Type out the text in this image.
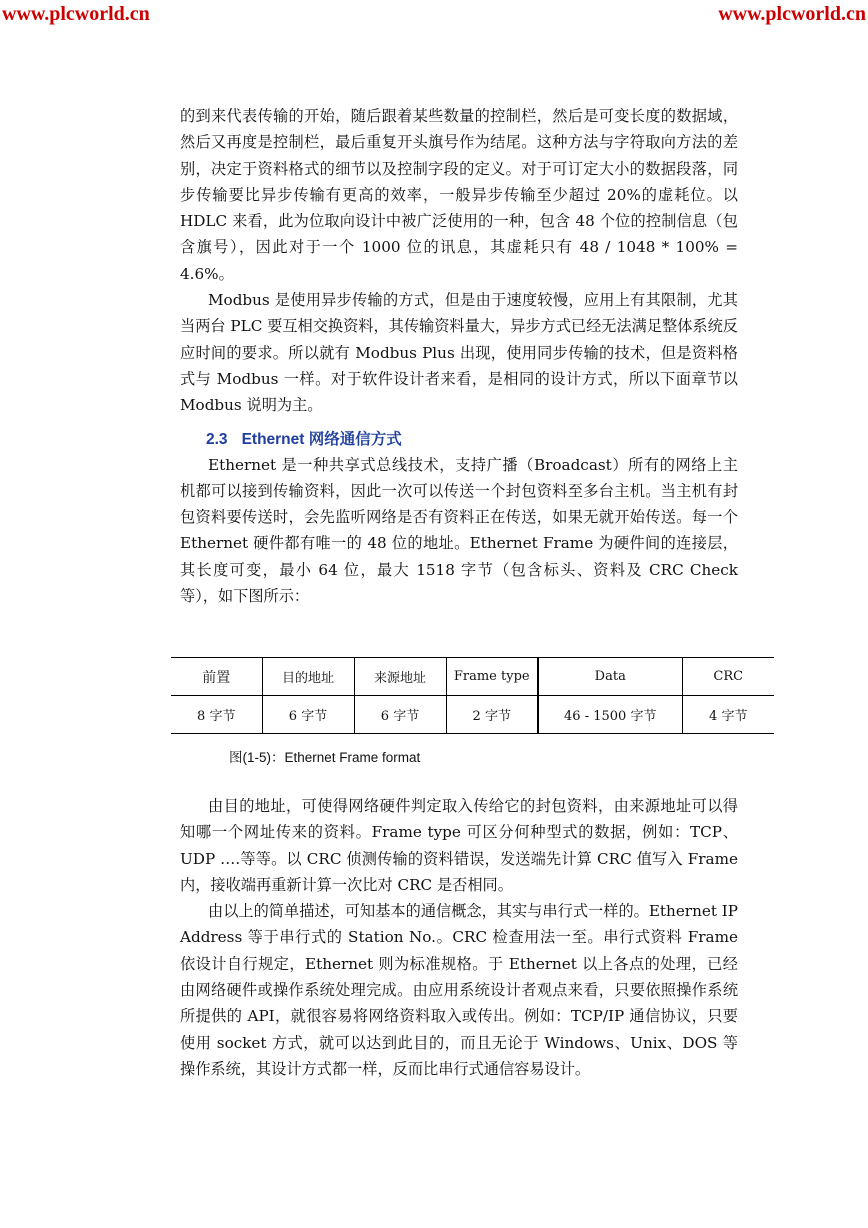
www.plcworld.cn	www.plcworld.cn

的到来代表传输的开始，随后跟着某些数量的控制栏，然后是可变长度的数据域，然后又再度是控制栏，最后重复开头旗号作为结尾。这种方法与字符取向方法的差别，决定于资料格式的细节以及控制字段的定义。对于可订定大小的数据段落，同步传输要比异步传输有更高的效率，一般异步传输至少超过 20%的虚耗位。以 HDLC 来看，此为位取向设计中被广泛使用的一种，包含 48 个位的控制信息（包含旗号），因此对于一个 1000 位的讯息，其虚耗只有 48 / 1048 * 100% = 4.6%。

Modbus 是使用异步传输的方式，但是由于速度较慢，应用上有其限制，尤其当两台 PLC 要互相交换资料，其传输资料量大，异步方式已经无法满足整体系统反应时间的要求。所以就有 Modbus Plus 出现，使用同步传输的技术，但是资料格式与 Modbus 一样。对于软件设计者来看，是相同的设计方式，所以下面章节以 Modbus 说明为主。

2.3 Ethernet 网络通信方式

Ethernet 是一种共享式总线技术，支持广播（Broadcast）所有的网络上主机都可以接到传输资料，因此一次可以传送一个封包资料至多台主机。当主机有封包资料要传送时，会先监听网络是否有资料正在传送，如果无就开始传送。每一个 Ethernet 硬件都有唯一的 48 位的地址。Ethernet Frame 为硬件间的连接层，其长度可变，最小 64 位，最大 1518 字节（包含标头、资料及 CRC Check 等），如下图所示：

前置	目的地址	来源地址	Frame type	Data	CRC
8 字节	6 字节	6 字节	2 字节	46 - 1500 字节	4 字节
图(1-5)：Ethernet Frame format

由目的地址，可使得网络硬件判定取入传给它的封包资料，由来源地址可以得知哪一个网址传来的资料。Frame type 可区分何种型式的数据，例如：TCP、UDP ….等等。以 CRC 侦测传输的资料错误，发送端先计算 CRC 值写入 Frame 内，接收端再重新计算一次比对 CRC 是否相同。

由以上的简单描述，可知基本的通信概念，其实与串行式一样的。Ethernet IP Address 等于串行式的 Station No.。CRC 检查用法一至。串行式资料 Frame 依设计自行规定，Ethernet 则为标准规格。于 Ethernet 以上各点的处理，已经由网络硬件或操作系统处理完成。由应用系统设计者观点来看，只要依照操作系统所提供的 API，就很容易将网络资料取入或传出。例如：TCP/IP 通信协议，只要使用 socket 方式，就可以达到此目的，而且无论于 Windows、Unix、DOS 等操作系统，其设计方式都一样，反而比串行式通信容易设计。
